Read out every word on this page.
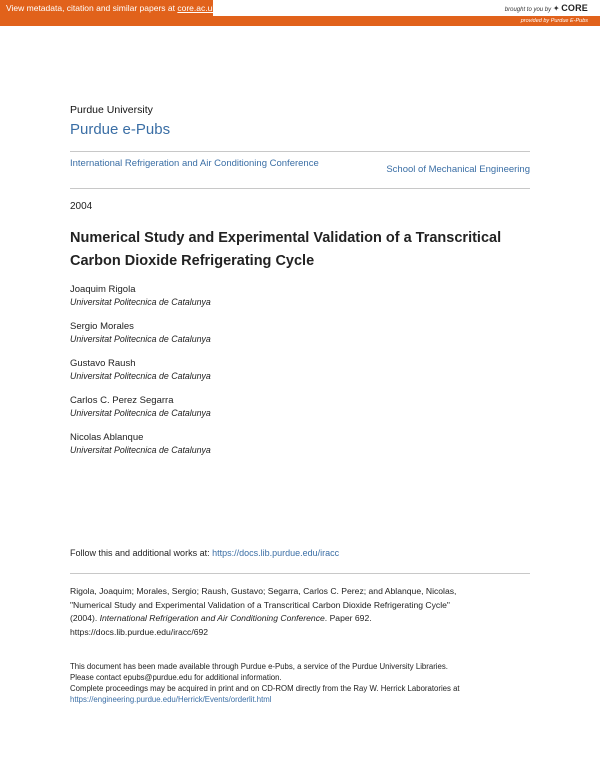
View metadata, citation and similar papers at core.ac.uk	brought to you by ✦ CORE
provided by Purdue E-Pubs
Purdue University
Purdue e-Pubs
International Refrigeration and Air Conditioning Conference
School of Mechanical Engineering
2004
Numerical Study and Experimental Validation of a Transcritical Carbon Dioxide Refrigerating Cycle
Joaquim Rigola
Universitat Politecnica de Catalunya
Sergio Morales
Universitat Politecnica de Catalunya
Gustavo Raush
Universitat Politecnica de Catalunya
Carlos C. Perez Segarra
Universitat Politecnica de Catalunya
Nicolas Ablanque
Universitat Politecnica de Catalunya
Follow this and additional works at: https://docs.lib.purdue.edu/iracc
Rigola, Joaquim; Morales, Sergio; Raush, Gustavo; Segarra, Carlos C. Perez; and Ablanque, Nicolas,
"Numerical Study and Experimental Validation of a Transcritical Carbon Dioxide Refrigerating Cycle"
(2004). International Refrigeration and Air Conditioning Conference. Paper 692.
https://docs.lib.purdue.edu/iracc/692
This document has been made available through Purdue e-Pubs, a service of the Purdue University Libraries.
Please contact epubs@purdue.edu for additional information.
Complete proceedings may be acquired in print and on CD-ROM directly from the Ray W. Herrick Laboratories at
https://engineering.purdue.edu/Herrick/Events/orderlit.html
